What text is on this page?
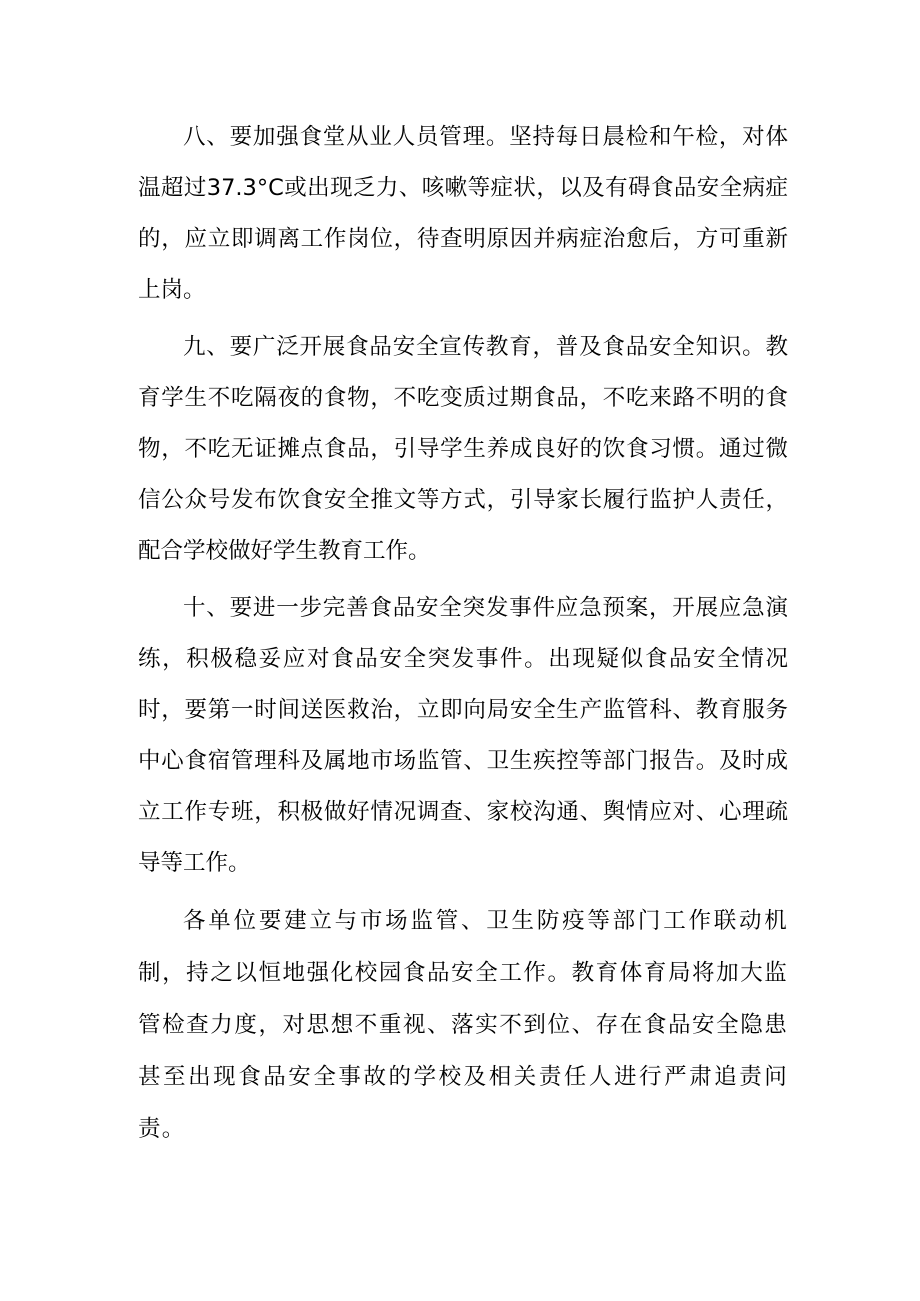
八、要加强食堂从业人员管理。坚持每日晨检和午检，对体温超过37.3°C或出现乏力、咳嗽等症状，以及有碍食品安全病症的，应立即调离工作岗位，待查明原因并病症治愈后，方可重新上岗。

九、要广泛开展食品安全宣传教育，普及食品安全知识。教育学生不吃隔夜的食物，不吃变质过期食品，不吃来路不明的食物，不吃无证摊点食品，引导学生养成良好的饮食习惯。通过微信公众号发布饮食安全推文等方式，引导家长履行监护人责任，配合学校做好学生教育工作。

十、要进一步完善食品安全突发事件应急预案，开展应急演练，积极稳妥应对食品安全突发事件。出现疑似食品安全情况时，要第一时间送医救治，立即向局安全生产监管科、教育服务中心食宿管理科及属地市场监管、卫生疾控等部门报告。及时成立工作专班，积极做好情况调查、家校沟通、舆情应对、心理疏导等工作。

各单位要建立与市场监管、卫生防疫等部门工作联动机制，持之以恒地强化校园食品安全工作。教育体育局将加大监管检查力度，对思想不重视、落实不到位、存在食品安全隐患甚至出现食品安全事故的学校及相关责任人进行严肃追责问责。
